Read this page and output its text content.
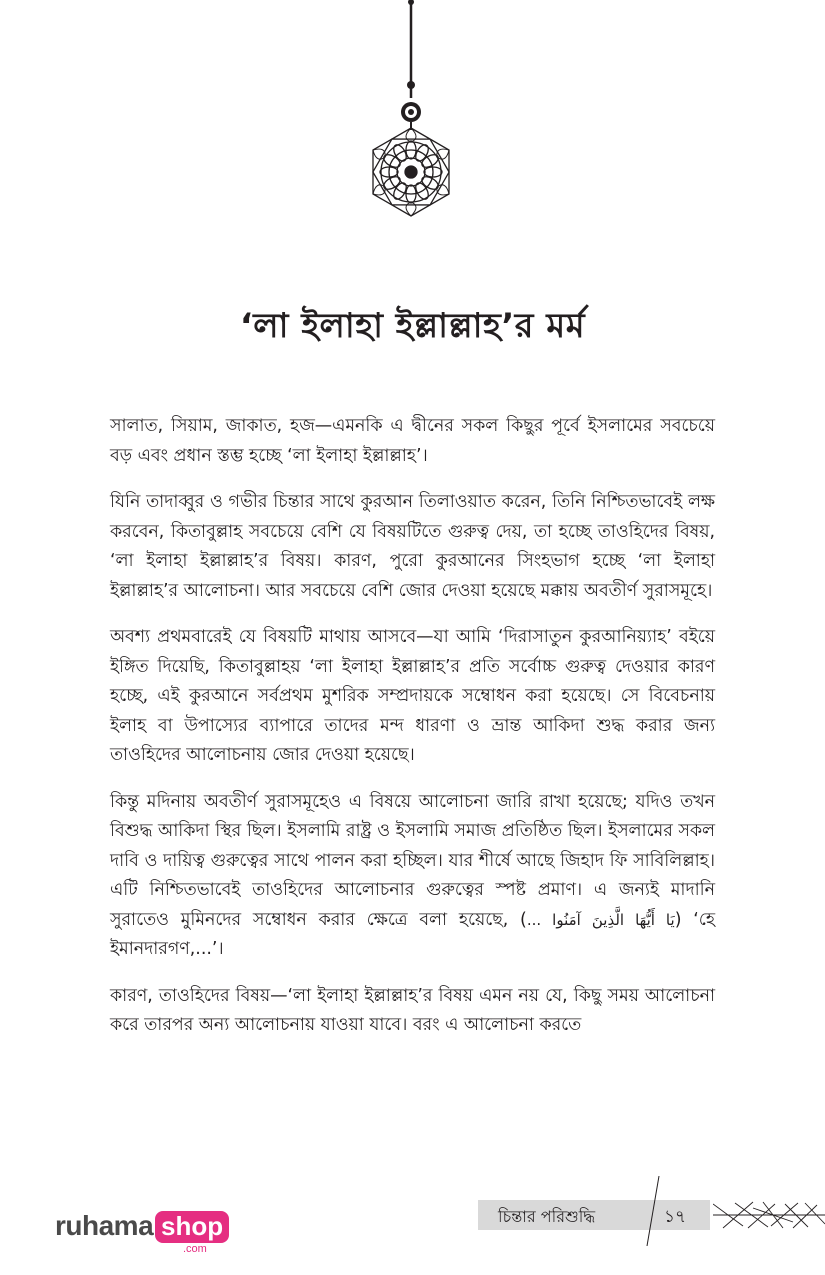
‘লা ইলাহা ইল্লাল্লাহ’র মর্ম

সালাত, সিয়াম, জাকাত, হজ—এমনকি এ দ্বীনের সকল কিছুর পূর্বে ইসলামের সবচেয়ে বড় এবং প্রধান স্তম্ভ হচ্ছে ‘লা ইলাহা ইল্লাল্লাহ’।

যিনি তাদাব্বুর ও গভীর চিন্তার সাথে কুরআন তিলাওয়াত করেন, তিনি নিশ্চিতভাবেই লক্ষ করবেন, কিতাবুল্লাহ সবচেয়ে বেশি যে বিষয়টিতে গুরুত্ব দেয়, তা হচ্ছে তাওহিদের বিষয়, ‘লা ইলাহা ইল্লাল্লাহ’র বিষয়। কারণ, পুরো কুরআনের সিংহভাগ হচ্ছে ‘লা ইলাহা ইল্লাল্লাহ’র আলোচনা। আর সবচেয়ে বেশি জোর দেওয়া হয়েছে মক্কায় অবতীর্ণ সুরাসমূহে।

অবশ্য প্রথমবারেই যে বিষয়টি মাথায় আসবে—যা আমি ‘দিরাসাতুন কুরআনিয়্যাহ’ বইয়ে ইঙ্গিত দিয়েছি, কিতাবুল্লাহয় ‘লা ইলাহা ইল্লাল্লাহ’র প্রতি সর্বোচ্চ গুরুত্ব দেওয়ার কারণ হচ্ছে, এই কুরআনে সর্বপ্রথম মুশরিক সম্প্রদায়কে সম্বোধন করা হয়েছে। সে বিবেচনায় ইলাহ বা উপাস্যের ব্যাপারে তাদের মন্দ ধারণা ও ভ্রান্ত আকিদা শুদ্ধ করার জন্য তাওহিদের আলোচনায় জোর দেওয়া হয়েছে।

কিন্তু মদিনায় অবতীর্ণ সুরাসমূহেও এ বিষয়ে আলোচনা জারি রাখা হয়েছে; যদিও তখন বিশুদ্ধ আকিদা স্থির ছিল। ইসলামি রাষ্ট্র ও ইসলামি সমাজ প্রতিষ্ঠিত ছিল। ইসলামের সকল দাবি ও দায়িত্ব গুরুত্বের সাথে পালন করা হচ্ছিল। যার শীর্ষে আছে জিহাদ ফি সাবিলিল্লাহ। এটি নিশ্চিতভাবেই তাওহিদের আলোচনার গুরুত্বের স্পষ্ট প্রমাণ। এ জন্যই মাদানি সুরাতেও মুমিনদের সম্বোধন করার ক্ষেত্রে বলা হয়েছে, (يَا أَيُّهَا الَّذِينَ آمَنُوا ...) ‘হে ইমানদারগণ,...’।

কারণ, তাওহিদের বিষয়—‘লা ইলাহা ইল্লাল্লাহ’র বিষয় এমন নয় যে, কিছু সময় আলোচনা করে তারপর অন্য আলোচনায় যাওয়া যাবে। বরং এ আলোচনা করতে

ruhama shop
.com
চিন্তার পরিশুদ্ধি	১৭
